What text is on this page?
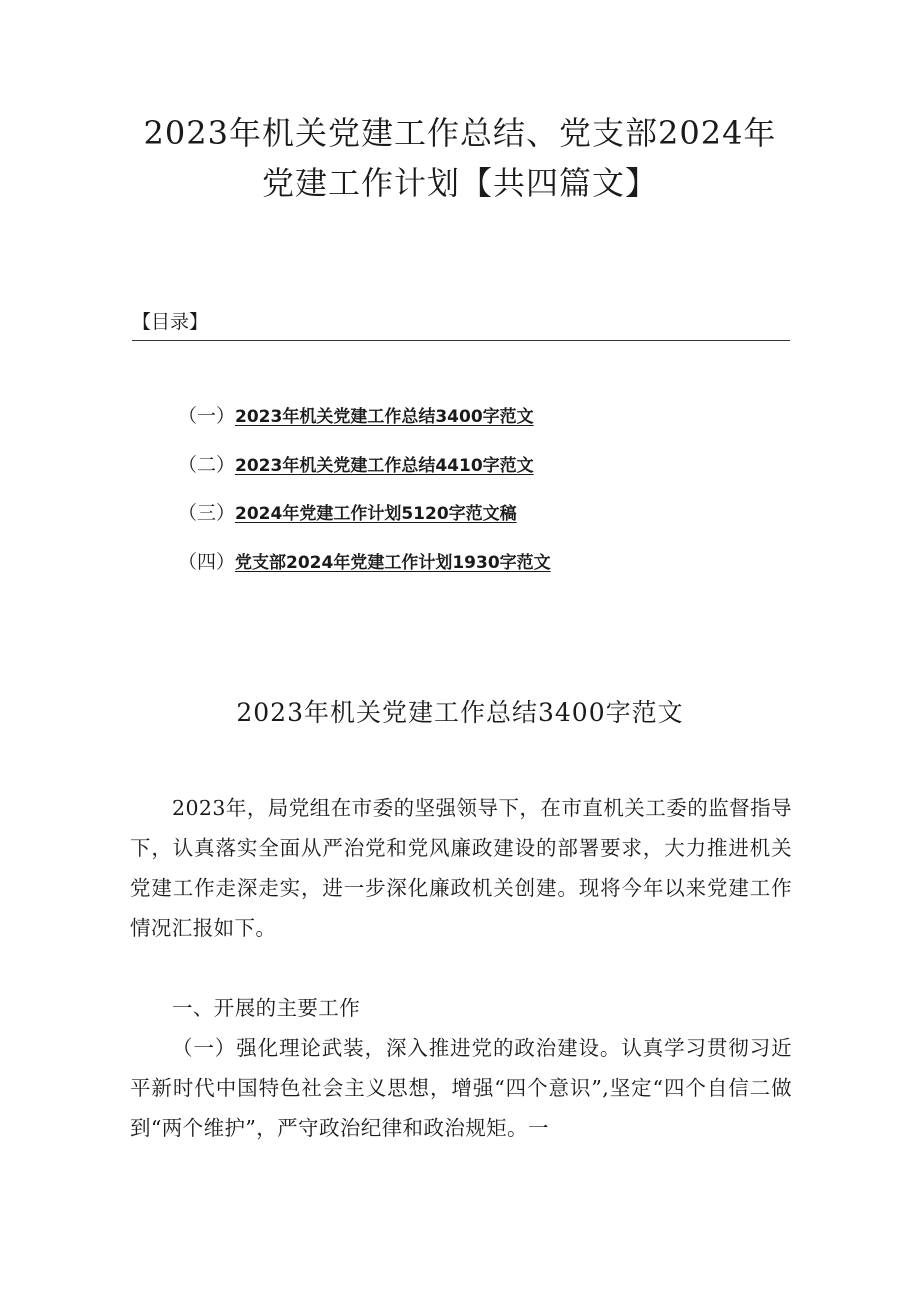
2023年机关党建工作总结、党支部2024年
党建工作计划【共四篇文】
【目录】
（一）2023年机关党建工作总结3400字范文
（二）2023年机关党建工作总结4410字范文
（三）2024年党建工作计划5120字范文稿
（四）党支部2024年党建工作计划1930字范文
2023年机关党建工作总结3400字范文

2023年，局党组在市委的坚强领导下，在市直机关工委的监督指导下，认真落实全面从严治党和党风廉政建设的部署要求，大力推进机关党建工作走深走实，进一步深化廉政机关创建。现将今年以来党建工作情况汇报如下。

一、开展的主要工作

（一）强化理论武装，深入推进党的政治建设。认真学习贯彻习近平新时代中国特色社会主义思想，增强“四个意识”,坚定“四个自信二做到“两个维护”，严守政治纪律和政治规矩。一
